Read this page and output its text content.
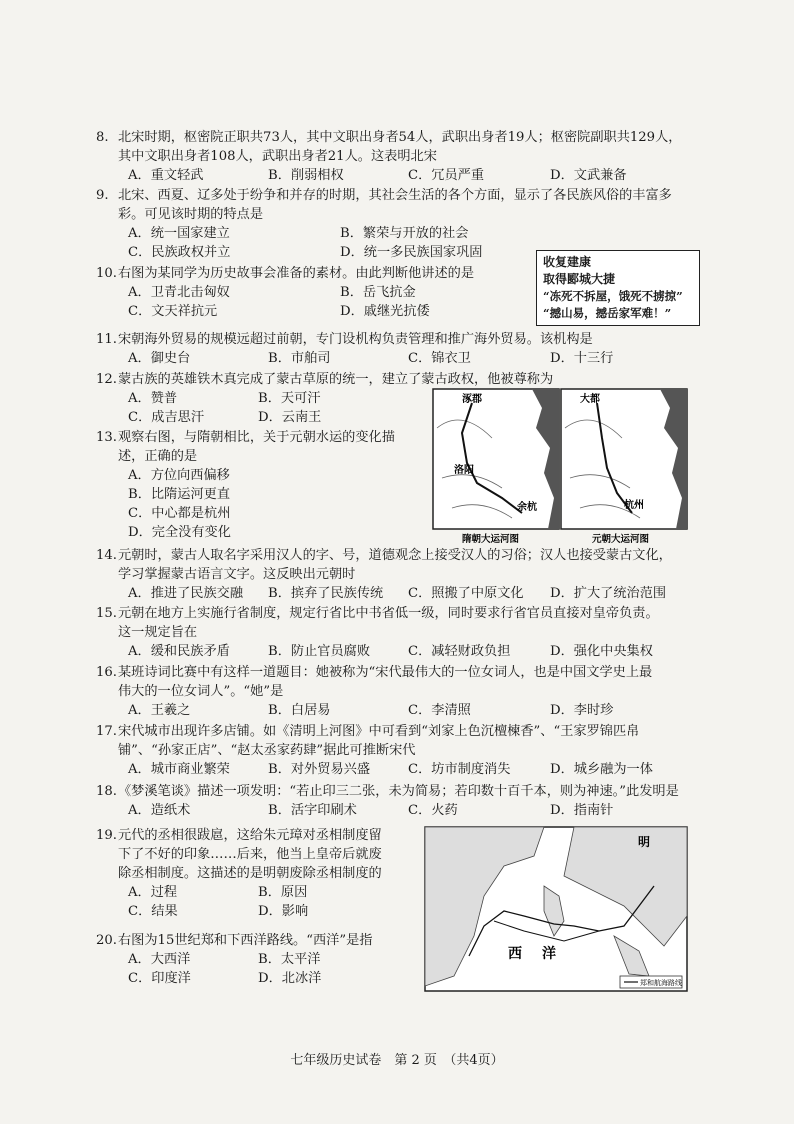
8. 北宋时期，枢密院正职共73人，其中文职出身者54人，武职出身者19人；枢密院副职共129人，
其中文职出身者108人，武职出身者21人。这表明北宋
A．重文轻武	B．削弱相权	C．冗员严重	D．文武兼备
9. 北宋、西夏、辽多处于纷争和并存的时期，其社会生活的各个方面，显示了各民族风俗的丰富多
彩。可见该时期的特点是
A．统一国家建立	B．繁荣与开放的社会
C．民族政权并立	D．统一多民族国家巩固
10. 右图为某同学为历史故事会准备的素材。由此判断他讲述的是
A．卫青北击匈奴	B．岳飞抗金
C．文天祥抗元	D．戚继光抗倭
收复建康
取得郾城大捷
“冻死不拆屋，饿死不掳掠”
“撼山易，撼岳家军难！”
11. 宋朝海外贸易的规模远超过前朝，专门设机构负责管理和推广海外贸易。该机构是
A．御史台	B．市舶司	C．锦衣卫	D．十三行
12. 蒙古族的英雄铁木真完成了蒙古草原的统一，建立了蒙古政权，他被尊称为
A．赞普	B．天可汗
C．成吉思汗	D．云南王
13. 观察右图，与隋朝相比，关于元朝水运的变化描
述，正确的是
A．方位向西偏移
B．比隋运河更直
C．中心都是杭州
D．完全没有变化
涿郡
洛阳
余杭
大都
杭州
隋朝大运河图	元朝大运河图
14. 元朝时，蒙古人取名字采用汉人的字、号，道德观念上接受汉人的习俗；汉人也接受蒙古文化，
学习掌握蒙古语言文字。这反映出元朝时
A．推进了民族交融 B．摈弃了民族传统 C．照搬了中原文化 D．扩大了统治范围
15. 元朝在地方上实施行省制度，规定行省比中书省低一级，同时要求行省官员直接对皇帝负责。
这一规定旨在
A．缓和民族矛盾	B．防止官员腐败	C．减轻财政负担	D．强化中央集权
16. 某班诗词比赛中有这样一道题目：她被称为“宋代最伟大的一位女词人，也是中国文学史上最
伟大的一位女词人”。“她”是
A．王羲之	B．白居易	C．李清照	D．李时珍
17. 宋代城市出现许多店铺。如《清明上河图》中可看到“刘家上色沉檀楝香”、“王家罗锦匹帛
铺”、“孙家正店”、“赵太丞家药肆”据此可推断宋代
A．城市商业繁荣	B．对外贸易兴盛	C．坊市制度消失	D．城乡融为一体
18. 《梦溪笔谈》描述一项发明：“若止印三二张，未为简易；若印数十百千本，则为神速。”此发明是
A．造纸术	B．活字印刷术	C．火药	D．指南针
19. 元代的丞相很跋扈，这给朱元璋对丞相制度留
下了不好的印象……后来，他当上皇帝后就废
除丞相制度。这描述的是明朝废除丞相制度的
A．过程	B．原因
C．结果	D．影响
20. 右图为15世纪郑和下西洋路线。“西洋”是指
A．大西洋	B．太平洋
C．印度洋	D．北冰洋
明
西 洋
郑和航海路线
七年级历史试卷　第 2 页　（共4页）
